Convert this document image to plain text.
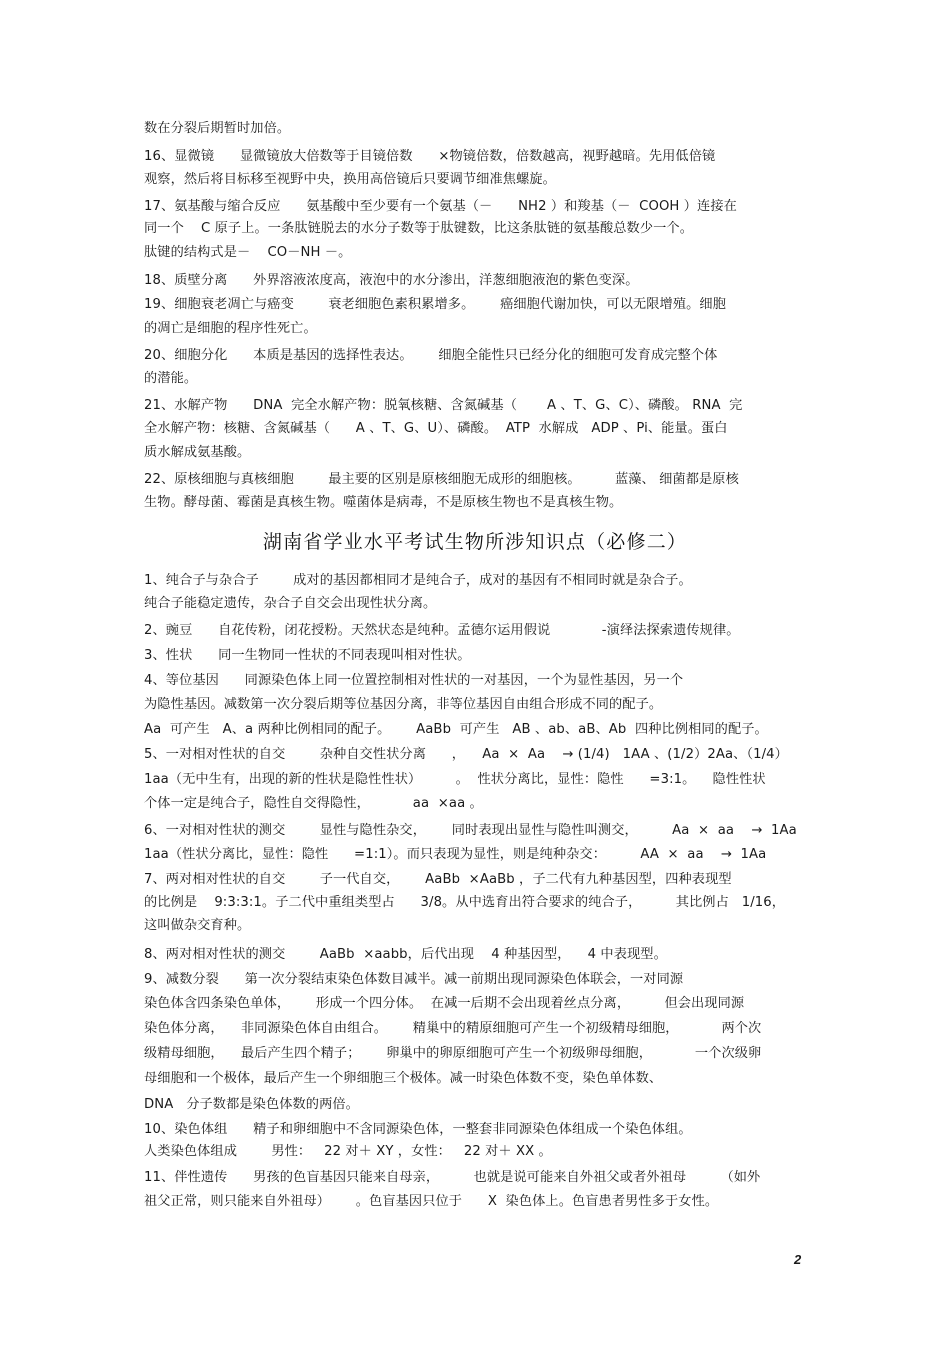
数在分裂后期暂时加倍。
16、显微镜      显微镜放大倍数等于目镜倍数      ×物镜倍数，倍数越高，视野越暗。先用低倍镜
观察，然后将目标移至视野中央，换用高倍镜后只要调节细准焦螺旋。
17、氨基酸与缩合反应      氨基酸中至少要有一个氨基（－      NH2 ）和羧基（－  COOH ）连接在
同一个    C 原子上。一条肽链脱去的水分子数等于肽键数，比这条肽链的氨基酸总数少一个。
肽键的结构式是－    CO－NH －。
18、质壁分离      外界溶液浓度高，液泡中的水分渗出，洋葱细胞液泡的紫色变深。
19、细胞衰老凋亡与癌变        衰老细胞色素积累增多。      癌细胞代谢加快，可以无限增殖。细胞
的凋亡是细胞的程序性死亡。
20、细胞分化      本质是基因的选择性表达。      细胞全能性只已经分化的细胞可发育成完整个体
的潜能。
21、水解产物      DNA  完全水解产物：脱氧核糖、含氮碱基（       A 、T、G、C）、磷酸。 RNA  完
全水解产物：核糖、含氮碱基（      A 、T、G、U）、磷酸。  ATP  水解成   ADP 、Pi、能量。蛋白
质水解成氨基酸。
22、原核细胞与真核细胞        最主要的区别是原核细胞无成形的细胞核。        蓝藻、 细菌都是原核
生物。酵母菌、霉菌是真核生物。噬菌体是病毒，不是原核生物也不是真核生物。
湖南省学业水平考试生物所涉知识点（必修二）
1、纯合子与杂合子        成对的基因都相同才是纯合子，成对的基因有不相同时就是杂合子。
纯合子能稳定遗传，杂合子自交会出现性状分离。
2、豌豆      自花传粉，闭花授粉。天然状态是纯种。孟德尔运用假说            -演绎法探索遗传规律。
3、性状      同一生物同一性状的不同表现叫相对性状。
4、等位基因      同源染色体上同一位置控制相对性状的一对基因，一个为显性基因，另一个
为隐性基因。减数第一次分裂后期等位基因分离，非等位基因自由组合形成不同的配子。
Aa  可产生   A、a 两种比例相同的配子。      AaBb  可产生   AB 、ab、aB、Ab  四种比例相同的配子。
5、一对相对性状的自交        杂种自交性状分离      ，    Aa  ×  Aa    → (1/4)   1AA 、(1/2）2Aa、（1/4）
1aa（无中生有，出现的新的性状是隐性性状）        。  性状分离比，显性：隐性      =3:1。    隐性性状
个体一定是纯合子，隐性自交得隐性，          aa  ×aa 。
6、一对相对性状的测交        显性与隐性杂交，      同时表现出显性与隐性叫测交，        Aa  ×  aa    →  1Aa
1aa（性状分离比，显性：隐性      =1:1）。而只表现为显性，则是纯种杂交：        AA  ×  aa    →  1Aa
7、两对相对性状的自交        子一代自交，      AaBb  ×AaBb ，子二代有九种基因型，四种表现型
的比例是    9:3:3:1。子二代中重组类型占      3/8。从中选育出符合要求的纯合子，        其比例占   1/16，
这叫做杂交育种。
8、两对相对性状的测交        AaBb  ×aabb，后代出现    4 种基因型，    4 中表现型。
9、减数分裂      第一次分裂结束染色体数目减半。减一前期出现同源染色体联会，一对同源
染色体含四条染色单体，      形成一个四分体。  在减一后期不会出现着丝点分离，        但会出现同源
染色体分离，    非同源染色体自由组合。      精巢中的精原细胞可产生一个初级精母细胞，          两个次
级精母细胞，    最后产生四个精子；      卵巢中的卵原细胞可产生一个初级卵母细胞，          一个次级卵
母细胞和一个极体，最后产生一个卵细胞三个极体。减一时染色体数不变，染色单体数、
DNA   分子数都是染色体数的两倍。
10、染色体组      精子和卵细胞中不含同源染色体，一整套非同源染色体组成一个染色体组。
人类染色体组成        男性：   22 对＋ XY ，女性：   22 对＋ XX 。
11、伴性遗传      男孩的色盲基因只能来自母亲，        也就是说可能来自外祖父或者外祖母        （如外
祖父正常，则只能来自外祖母）      。色盲基因只位于      X  染色体上。色盲患者男性多于女性。
2
